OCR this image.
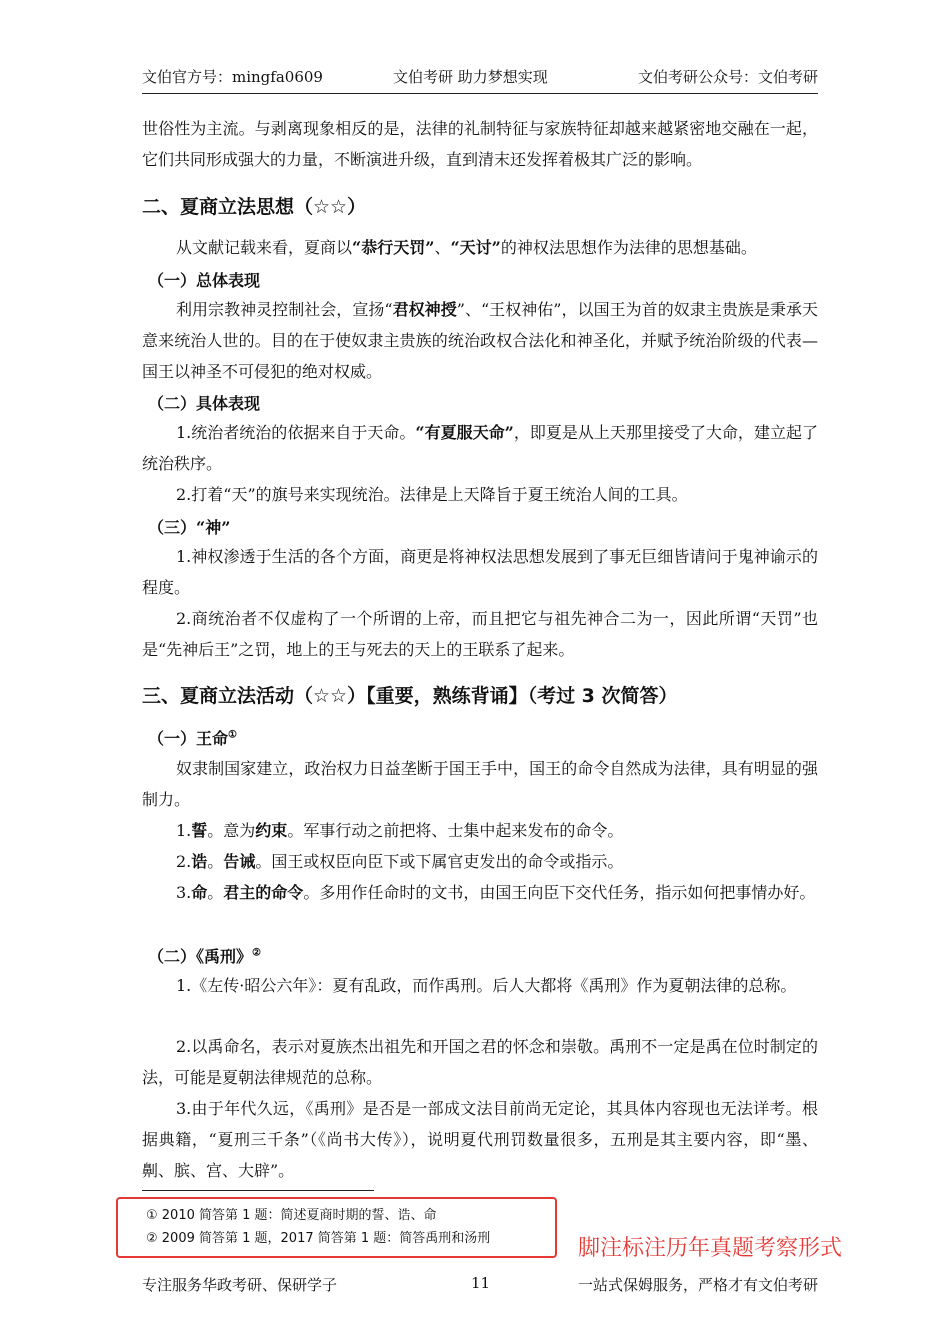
文伯官方号：mingfa0609	文伯考研 助力梦想实现	文伯考研公众号：文伯考研

世俗性为主流。与剥离现象相反的是，法律的礼制特征与家族特征却越来越紧密地交融在一起，它们共同形成强大的力量，不断演进升级，直到清末还发挥着极其广泛的影响。

二、夏商立法思想（☆☆）

从文献记载来看，夏商以“恭行天罚”、“天讨”的神权法思想作为法律的思想基础。

（一）总体表现

利用宗教神灵控制社会，宣扬“君权神授”、“王权神佑”，以国王为首的奴隶主贵族是秉承天意来统治人世的。目的在于使奴隶主贵族的统治政权合法化和神圣化，并赋予统治阶级的代表—国王以神圣不可侵犯的绝对权威。

（二）具体表现

1.统治者统治的依据来自于天命。“有夏服天命”，即夏是从上天那里接受了大命，建立起了统治秩序。

2.打着“天”的旗号来实现统治。法律是上天降旨于夏王统治人间的工具。

（三）“神”

1.神权渗透于生活的各个方面，商更是将神权法思想发展到了事无巨细皆请问于鬼神谕示的程度。

2.商统治者不仅虚构了一个所谓的上帝，而且把它与祖先神合二为一，因此所谓“天罚”也是“先神后王”之罚，地上的王与死去的天上的王联系了起来。

三、夏商立法活动（☆☆）【重要，熟练背诵】（考过 3 次简答）
（一）王命①

奴隶制国家建立，政治权力日益垄断于国王手中，国王的命令自然成为法律，具有明显的强制力。

1.誓。意为约束。军事行动之前把将、士集中起来发布的命令。

2.诰。告诫。国王或权臣向臣下或下属官吏发出的命令或指示。

3.命。君主的命令。多用作任命时的文书，由国王向臣下交代任务，指示如何把事情办好。

（二）《禹刑》②

1.《左传·昭公六年》：夏有乱政，而作禹刑。后人大都将《禹刑》作为夏朝法律的总称。

2.以禹命名，表示对夏族杰出祖先和开国之君的怀念和崇敬。禹刑不一定是禹在位时制定的法，可能是夏朝法律规范的总称。

3.由于年代久远，《禹刑》是否是一部成文法目前尚无定论，其具体内容现也无法详考。根据典籍，“夏刑三千条”（《尚书大传》），说明夏代刑罚数量很多，五刑是其主要内容，即“墨、劓、膑、宫、大辟”。

① 2010 简答第 1 题：简述夏商时期的誓、诰、命
② 2009 简答第 1 题，2017 简答第 1 题：简答禹刑和汤刑	脚注标注历年真题考察形式
专注服务华政考研、保研学子	11	一站式保姆服务，严格才有文伯考研
